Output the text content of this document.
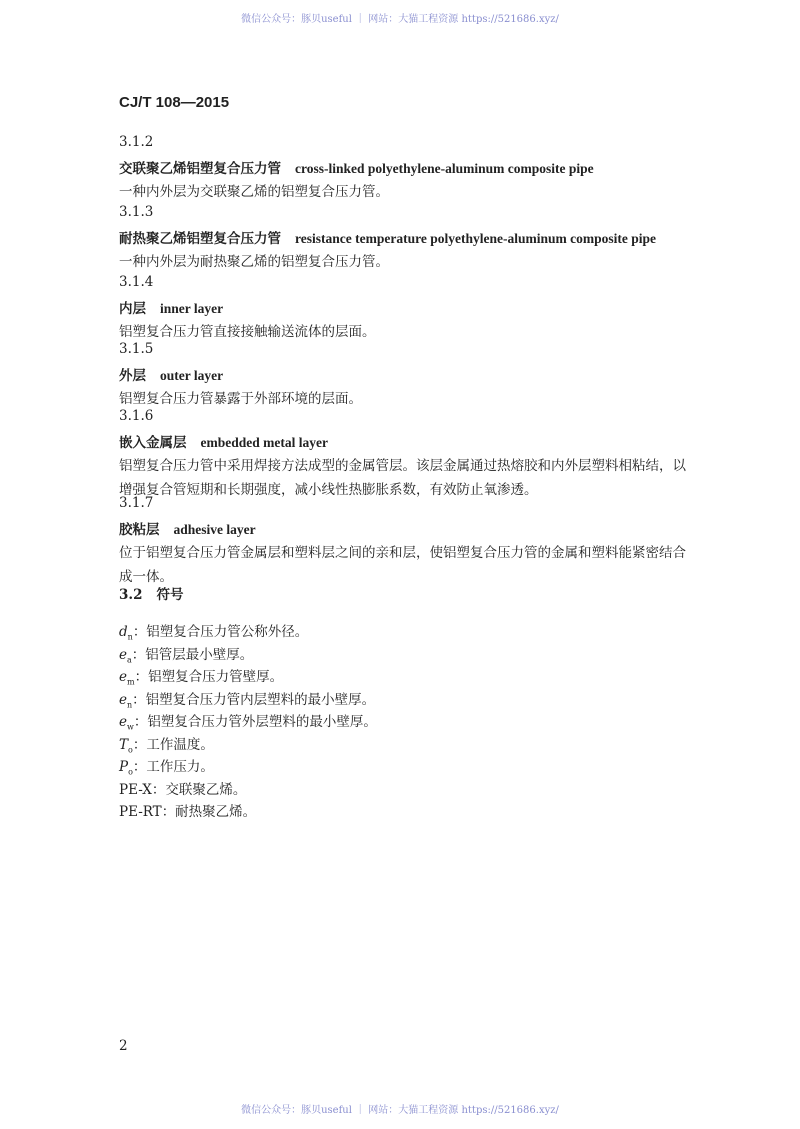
微信公众号：豚贝useful ｜ 网站：大猫工程资源 https://521686.xyz/
CJ/T 108—2015
3.1.2
交联聚乙烯铝塑复合压力管 cross-linked polyethylene-aluminum composite pipe
一种内外层为交联聚乙烯的铝塑复合压力管。
3.1.3
耐热聚乙烯铝塑复合压力管 resistance temperature polyethylene-aluminum composite pipe
一种内外层为耐热聚乙烯的铝塑复合压力管。
3.1.4
内层 inner layer
铝塑复合压力管直接接触输送流体的层面。
3.1.5
外层 outer layer
铝塑复合压力管暴露于外部环境的层面。
3.1.6
嵌入金属层 embedded metal layer
铝塑复合压力管中采用焊接方法成型的金属管层。该层金属通过热熔胶和内外层塑料相粘结，以
增强复合管短期和长期强度，减小线性热膨胀系数，有效防止氧渗透。
3.1.7
胶粘层 adhesive layer
位于铝塑复合压力管金属层和塑料层之间的亲和层，使铝塑复合压力管的金属和塑料能紧密结合
成一体。
3.2 符号
$d_n$：铝塑复合压力管公称外径。
$e_a$：铝管层最小壁厚。
$e_m$：铝塑复合压力管壁厚。
$e_n$：铝塑复合压力管内层塑料的最小壁厚。
$e_w$：铝塑复合压力管外层塑料的最小壁厚。
$T_o$：工作温度。
$P_o$：工作压力。
PE-X：交联聚乙烯。
PE-RT：耐热聚乙烯。
2
微信公众号：豚贝useful ｜ 网站：大猫工程资源 https://521686.xyz/
